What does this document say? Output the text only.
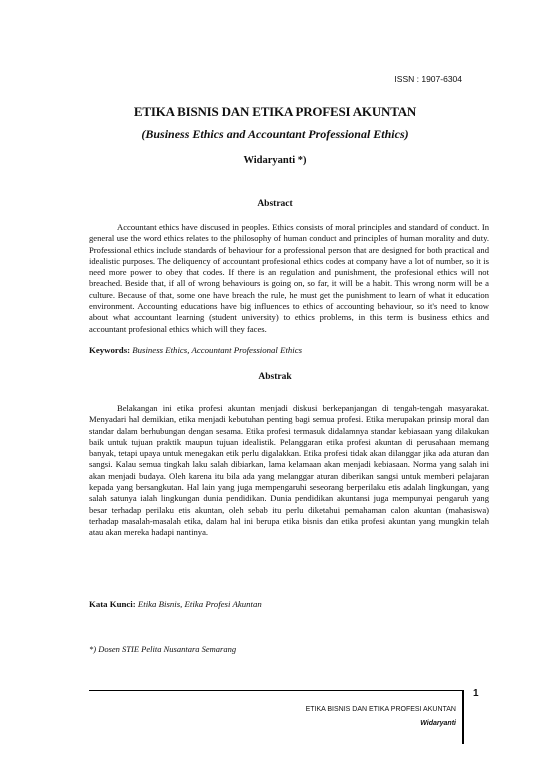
ISSN : 1907-6304
ETIKA BISNIS DAN ETIKA PROFESI AKUNTAN
(Business Ethics and Accountant Professional Ethics)
Widaryanti *)
Abstract
Accountant ethics have discused in peoples. Ethics consists of moral principles and standard of conduct. In general use the word ethics relates to the philosophy of human conduct and principles of human morality and duty. Professional ethics include standards of behaviour for a professional person that are designed for both practical and idealistic purposes. The deliquency of accountant profesional ethics codes at company have a lot of number, so it is need more power to obey that codes. If there is an regulation and punishment, the profesional ethics will not breached. Beside that, if all of wrong behaviours is going on, so far, it will be a habit. This wrong norm will be a culture. Because of that, some one have breach the rule, he must get the punishment to learn of what it education environment. Accounting educations have big influences to ethics of accounting behaviour, so it's need to know about what accountant learning (student university) to ethics problems, in this term is business ethics and accountant profesional ethics which will they faces.
Keywords: Business Ethics, Accountant Professional Ethics
Abstrak
Belakangan ini etika profesi akuntan menjadi diskusi berkepanjangan di tengah-tengah masyarakat. Menyadari hal demikian, etika menjadi kebutuhan penting bagi semua profesi. Etika merupakan prinsip moral dan standar dalam berhubungan dengan sesama. Etika profesi termasuk didalamnya standar kebiasaan yang dilakukan baik untuk tujuan praktik maupun tujuan idealistik. Pelanggaran etika profesi akuntan di perusahaan memang banyak, tetapi upaya untuk menegakan etik perlu digalakkan. Etika profesi tidak akan dilanggar jika ada aturan dan sangsi. Kalau semua tingkah laku salah dibiarkan, lama kelamaan akan menjadi kebiasaan. Norma yang salah ini akan menjadi budaya. Oleh karena itu bila ada yang melanggar aturan diberikan sangsi untuk memberi pelajaran kepada yang bersangkutan. Hal lain yang juga mempengaruhi seseorang berperilaku etis adalah lingkungan, yang salah satunya ialah lingkungan dunia pendidikan. Dunia pendidikan akuntansi juga mempunyai pengaruh yang besar terhadap perilaku etis akuntan, oleh sebab itu perlu diketahui pemahaman calon akuntan (mahasiswa) terhadap masalah-masalah etika, dalam hal ini berupa etika bisnis dan etika profesi akuntan yang mungkin telah atau akan mereka hadapi nantinya.
Kata Kunci: Etika Bisnis, Etika Profesi Akuntan
*) Dosen STIE Pelita Nusantara Semarang
1
ETIKA BISNIS DAN ETIKA PROFESI AKUNTAN
Widaryanti
